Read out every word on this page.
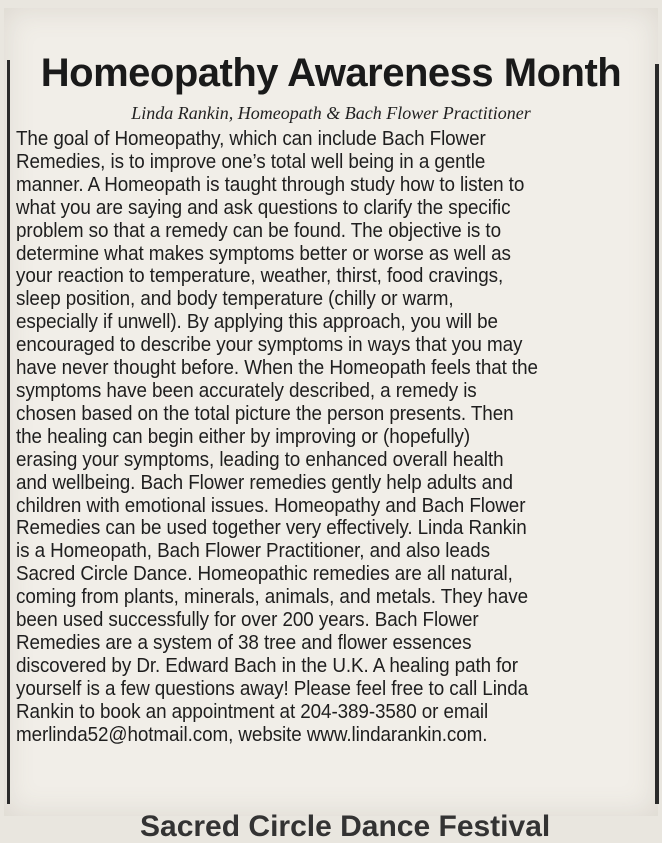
Homeopathy Awareness Month
Linda Rankin, Homeopath & Bach Flower Practitioner
The goal of Homeopathy, which can include Bach Flower
Remedies, is to improve one’s total well being in a gentle
manner. A Homeopath is taught through study how to listen to
what you are saying and ask questions to clarify the specific
problem so that a remedy can be found. The objective is to
determine what makes symptoms better or worse as well as
your reaction to temperature, weather, thirst, food cravings,
sleep position, and body temperature (chilly or warm,
especially if unwell). By applying this approach, you will be
encouraged to describe your symptoms in ways that you may
have never thought before. When the Homeopath feels that the
symptoms have been accurately described, a remedy is
chosen based on the total picture the person presents. Then
the healing can begin either by improving or (hopefully)
erasing your symptoms, leading to enhanced overall health
and wellbeing. Bach Flower remedies gently help adults and
children with emotional issues. Homeopathy and Bach Flower
Remedies can be used together very effectively. Linda Rankin
is a Homeopath, Bach Flower Practitioner, and also leads
Sacred Circle Dance. Homeopathic remedies are all natural,
coming from plants, minerals, animals, and metals. They have
been used successfully for over 200 years. Bach Flower
Remedies are a system of 38 tree and flower essences
discovered by Dr. Edward Bach in the U.K. A healing path for
yourself is a few questions away! Please feel free to call Linda
Rankin to book an appointment at 204-389-3580 or email
merlinda52@hotmail.com, website www.lindarankin.com.
Sacred Circle Dance Festival
